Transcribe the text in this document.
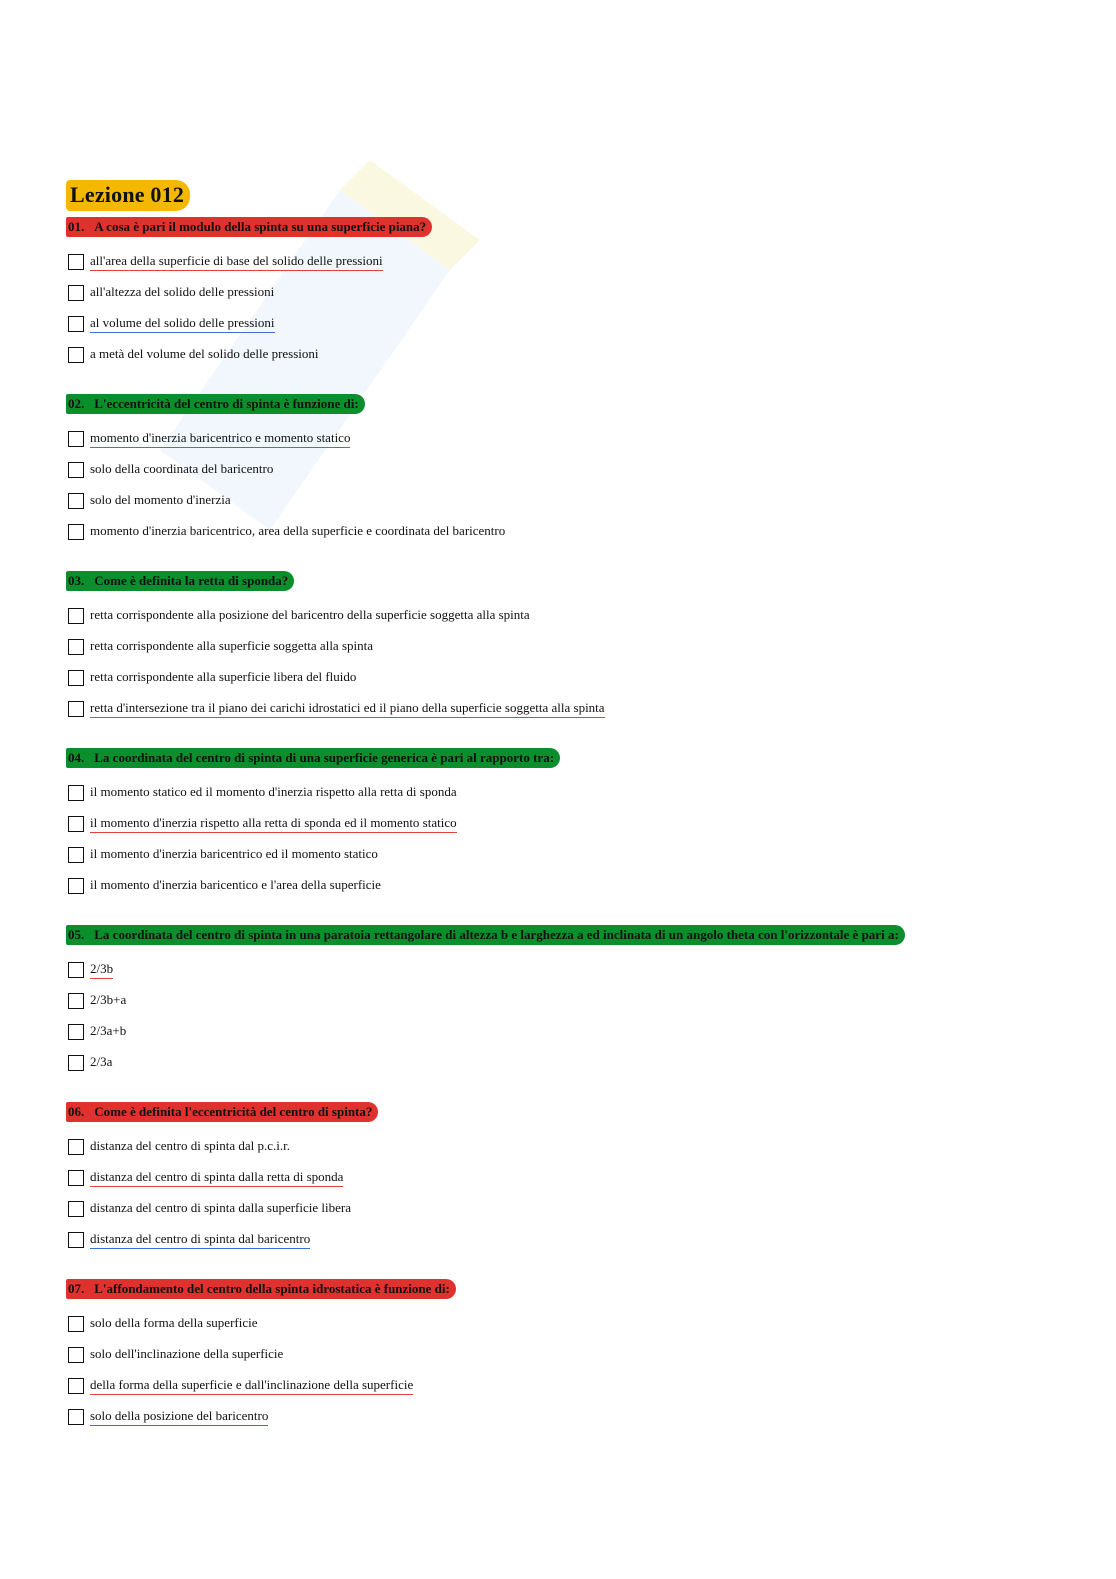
Lezione 012
01. A cosa è pari il modulo della spinta su una superficie piana?
all'area della superficie di base del solido delle pressioni
all'altezza del solido delle pressioni
al volume del solido delle pressioni
a metà del volume del solido delle pressioni
02. L'eccentricità del centro di spinta è funzione di:
momento d'inerzia baricentrico e momento statico
solo della coordinata del baricentro
solo del momento d'inerzia
momento d'inerzia baricentrico, area della superficie e coordinata del baricentro
03. Come è definita la retta di sponda?
retta corrispondente alla posizione del baricentro della superficie soggetta alla spinta
retta corrispondente alla superficie soggetta alla spinta
retta corrispondente alla superficie libera del fluido
retta d'intersezione tra il piano dei carichi idrostatici ed il piano della superficie soggetta alla spinta
04. La coordinata del centro di spinta di una superficie generica è pari al rapporto tra:
il momento statico ed il momento d'inerzia rispetto alla retta di sponda
il momento d'inerzia rispetto alla retta di sponda ed il momento statico
il momento d'inerzia baricentrico ed il momento statico
il momento d'inerzia baricentico e l'area della superficie
05. La coordinata del centro di spinta in una paratoia rettangolare di altezza b e larghezza a ed inclinata di un angolo theta con l'orizzontale è pari a:
2/3b
2/3b+a
2/3a+b
2/3a
06. Come è definita l'eccentricità del centro di spinta?
distanza del centro di spinta dal p.c.i.r.
distanza del centro di spinta dalla retta di sponda
distanza del centro di spinta dalla superficie libera
distanza del centro di spinta dal baricentro
07. L'affondamento del centro della spinta idrostatica è funzione di:
solo della forma della superficie
solo dell'inclinazione della superficie
della forma della superficie e dall'inclinazione della superficie
solo della posizione del baricentro
